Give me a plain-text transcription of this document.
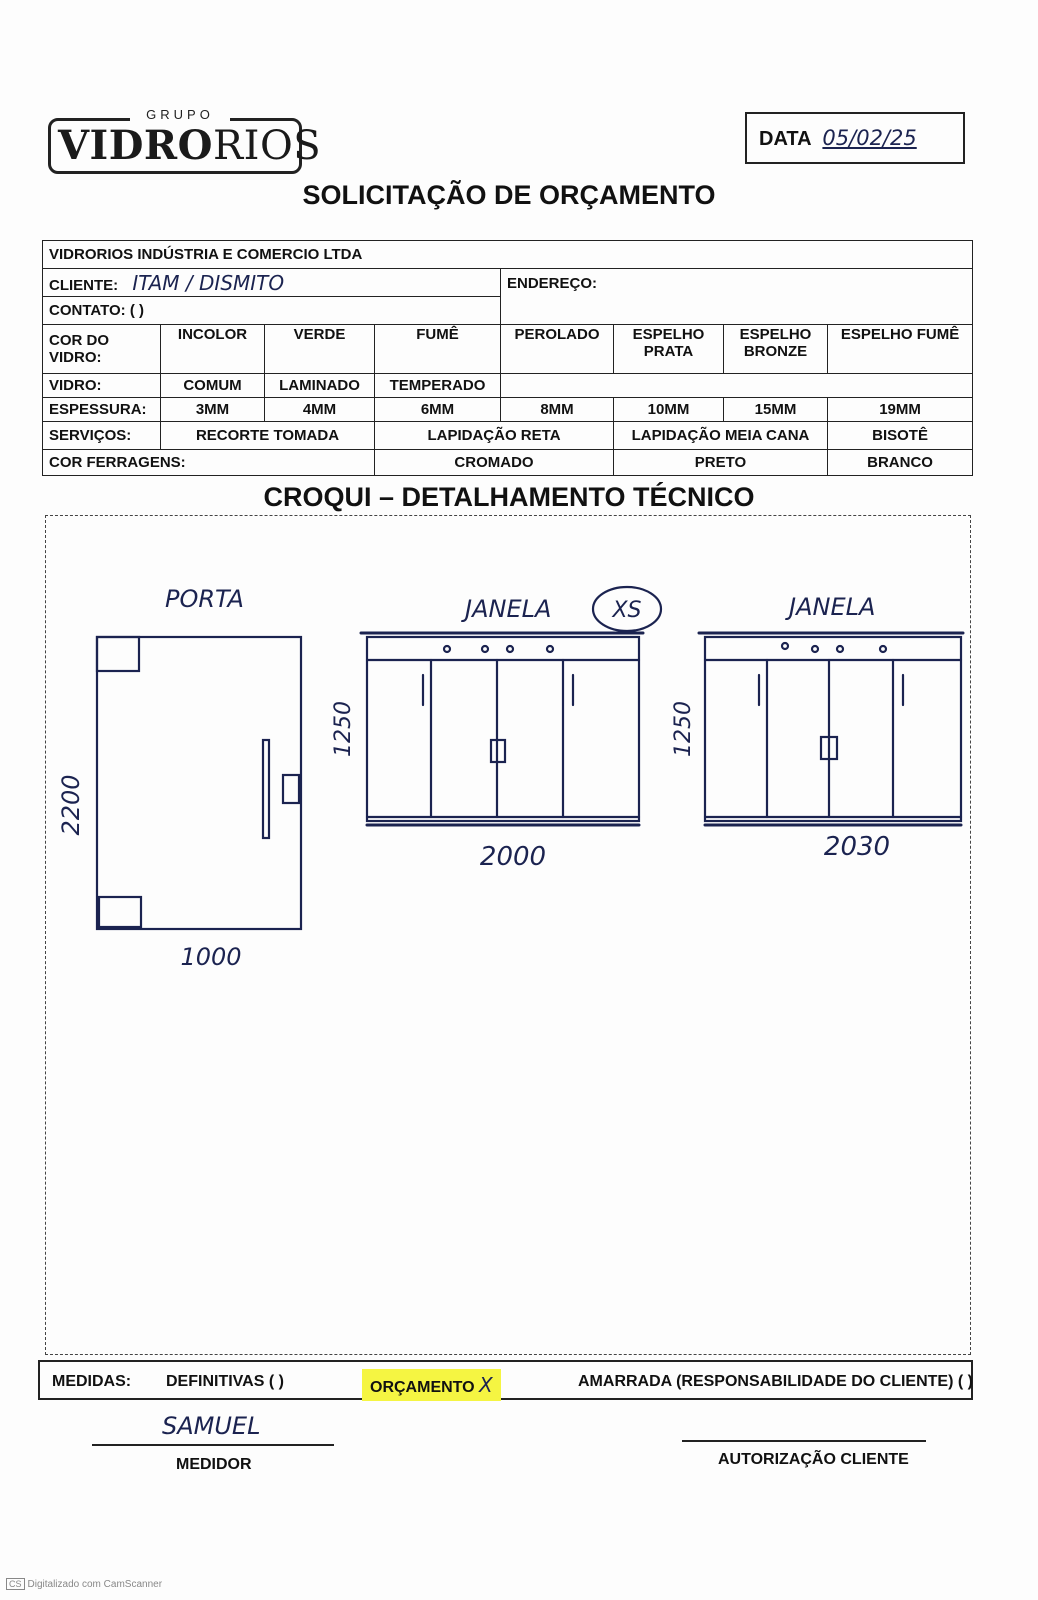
GRUPO
VIDRORIOS	DATA 05/02/25
SOLICITAÇÃO DE ORÇAMENTO
VIDRORIOS INDÚSTRIA E COMERCIO LTDA							
CLIENTE: ITAM / DISMITO				ENDEREÇO:			
CONTATO: ( )							
COR DO VIDRO:	INCOLOR	VERDE	FUMÊ	PEROLADO	ESPELHO PRATA	ESPELHO BRONZE	ESPELHO FUMÊ
VIDRO:	COMUM	LAMINADO	TEMPERADO				
ESPESSURA:	3MM	4MM	6MM	8MM	10MM	15MM	19MM
SERVIÇOS:	RECORTE TOMADA		LAPIDAÇÃO RETA		LAPIDAÇÃO MEIA CANA		BISOTÊ
COR FERRAGENS:			CROMADO		PRETO		BRANCO
CROQUI – DETALHAMENTO TÉCNICO
PORTA
2200
1000
JANELA	XS
1250
2000
JANELA
1250
2030
MEDIDAS: DEFINITIVAS ( )	ORÇAMENTO X	AMARRADA (RESPONSABILIDADE DO CLIENTE) ( )
SAMUEL
MEDIDOR	AUTORIZAÇÃO CLIENTE
CS Digitalizado com CamScanner
